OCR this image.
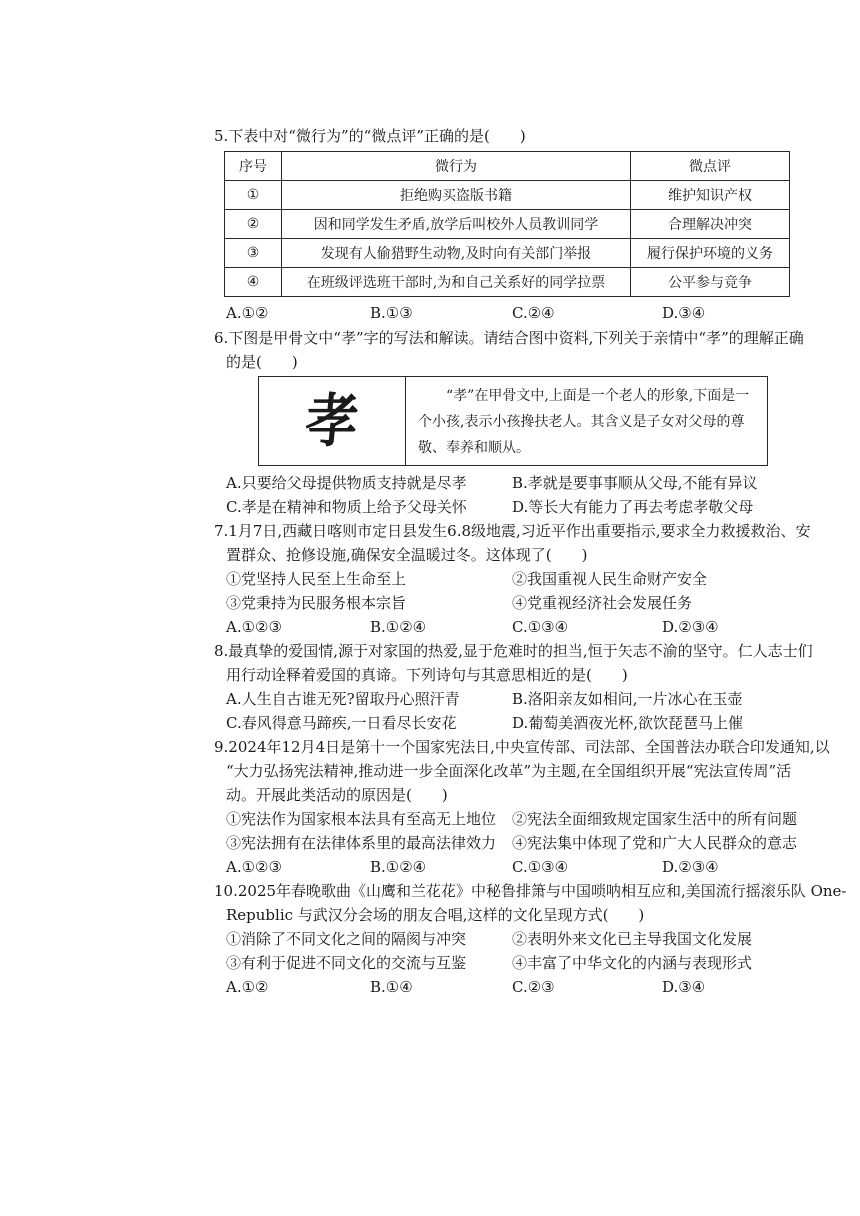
5.下表中对“微行为”的“微点评”正确的是(　　)
序号	微行为	微点评
①	拒绝购买盗版书籍	维护知识产权
②	因和同学发生矛盾,放学后叫校外人员教训同学	合理解决冲突
③	发现有人偷猎野生动物,及时向有关部门举报	履行保护环境的义务
④	在班级评选班干部时,为和自己关系好的同学拉票	公平参与竞争
A.①②	B.①③	C.②④	D.③④
6.下图是甲骨文中“孝”字的写法和解读。请结合图中资料,下列关于亲情中“孝”的理解正确
的是(　　)
孝	“孝”在甲骨文中,上面是一个老人的形象,下面是一个小孩,表示小孩搀扶老人。其含义是子女对父母的尊敬、奉养和顺从。
A.只要给父母提供物质支持就是尽孝	B.孝就是要事事顺从父母,不能有异议
C.孝是在精神和物质上给予父母关怀	D.等长大有能力了再去考虑孝敬父母
7.1月7日,西藏日喀则市定日县发生6.8级地震,习近平作出重要指示,要求全力救援救治、安
置群众、抢修设施,确保安全温暖过冬。这体现了(　　)
①党坚持人民至上生命至上	②我国重视人民生命财产安全
③党秉持为民服务根本宗旨	④党重视经济社会发展任务
A.①②③	B.①②④	C.①③④	D.②③④
8.最真挚的爱国情,源于对家国的热爱,显于危难时的担当,恒于矢志不渝的坚守。仁人志士们
用行动诠释着爱国的真谛。下列诗句与其意思相近的是(　　)
A.人生自古谁无死?留取丹心照汗青	B.洛阳亲友如相问,一片冰心在玉壶
C.春风得意马蹄疾,一日看尽长安花	D.葡萄美酒夜光杯,欲饮琵琶马上催
9.2024年12月4日是第十一个国家宪法日,中央宣传部、司法部、全国普法办联合印发通知,以
“大力弘扬宪法精神,推动进一步全面深化改革”为主题,在全国组织开展“宪法宣传周”活
动。开展此类活动的原因是(　　)
①宪法作为国家根本法具有至高无上地位 ②宪法全面细致规定国家生活中的所有问题
③宪法拥有在法律体系里的最高法律效力 ④宪法集中体现了党和广大人民群众的意志
A.①②③	B.①②④	C.①③④	D.②③④
10.2025年春晚歌曲《山鹰和兰花花》中秘鲁排箫与中国唢呐相互应和,美国流行摇滚乐队 One-
Republic 与武汉分会场的朋友合唱,这样的文化呈现方式(　　)
①消除了不同文化之间的隔阂与冲突	②表明外来文化已主导我国文化发展
③有利于促进不同文化的交流与互鉴	④丰富了中华文化的内涵与表现形式
A.①②	B.①④	C.②③	D.③④
